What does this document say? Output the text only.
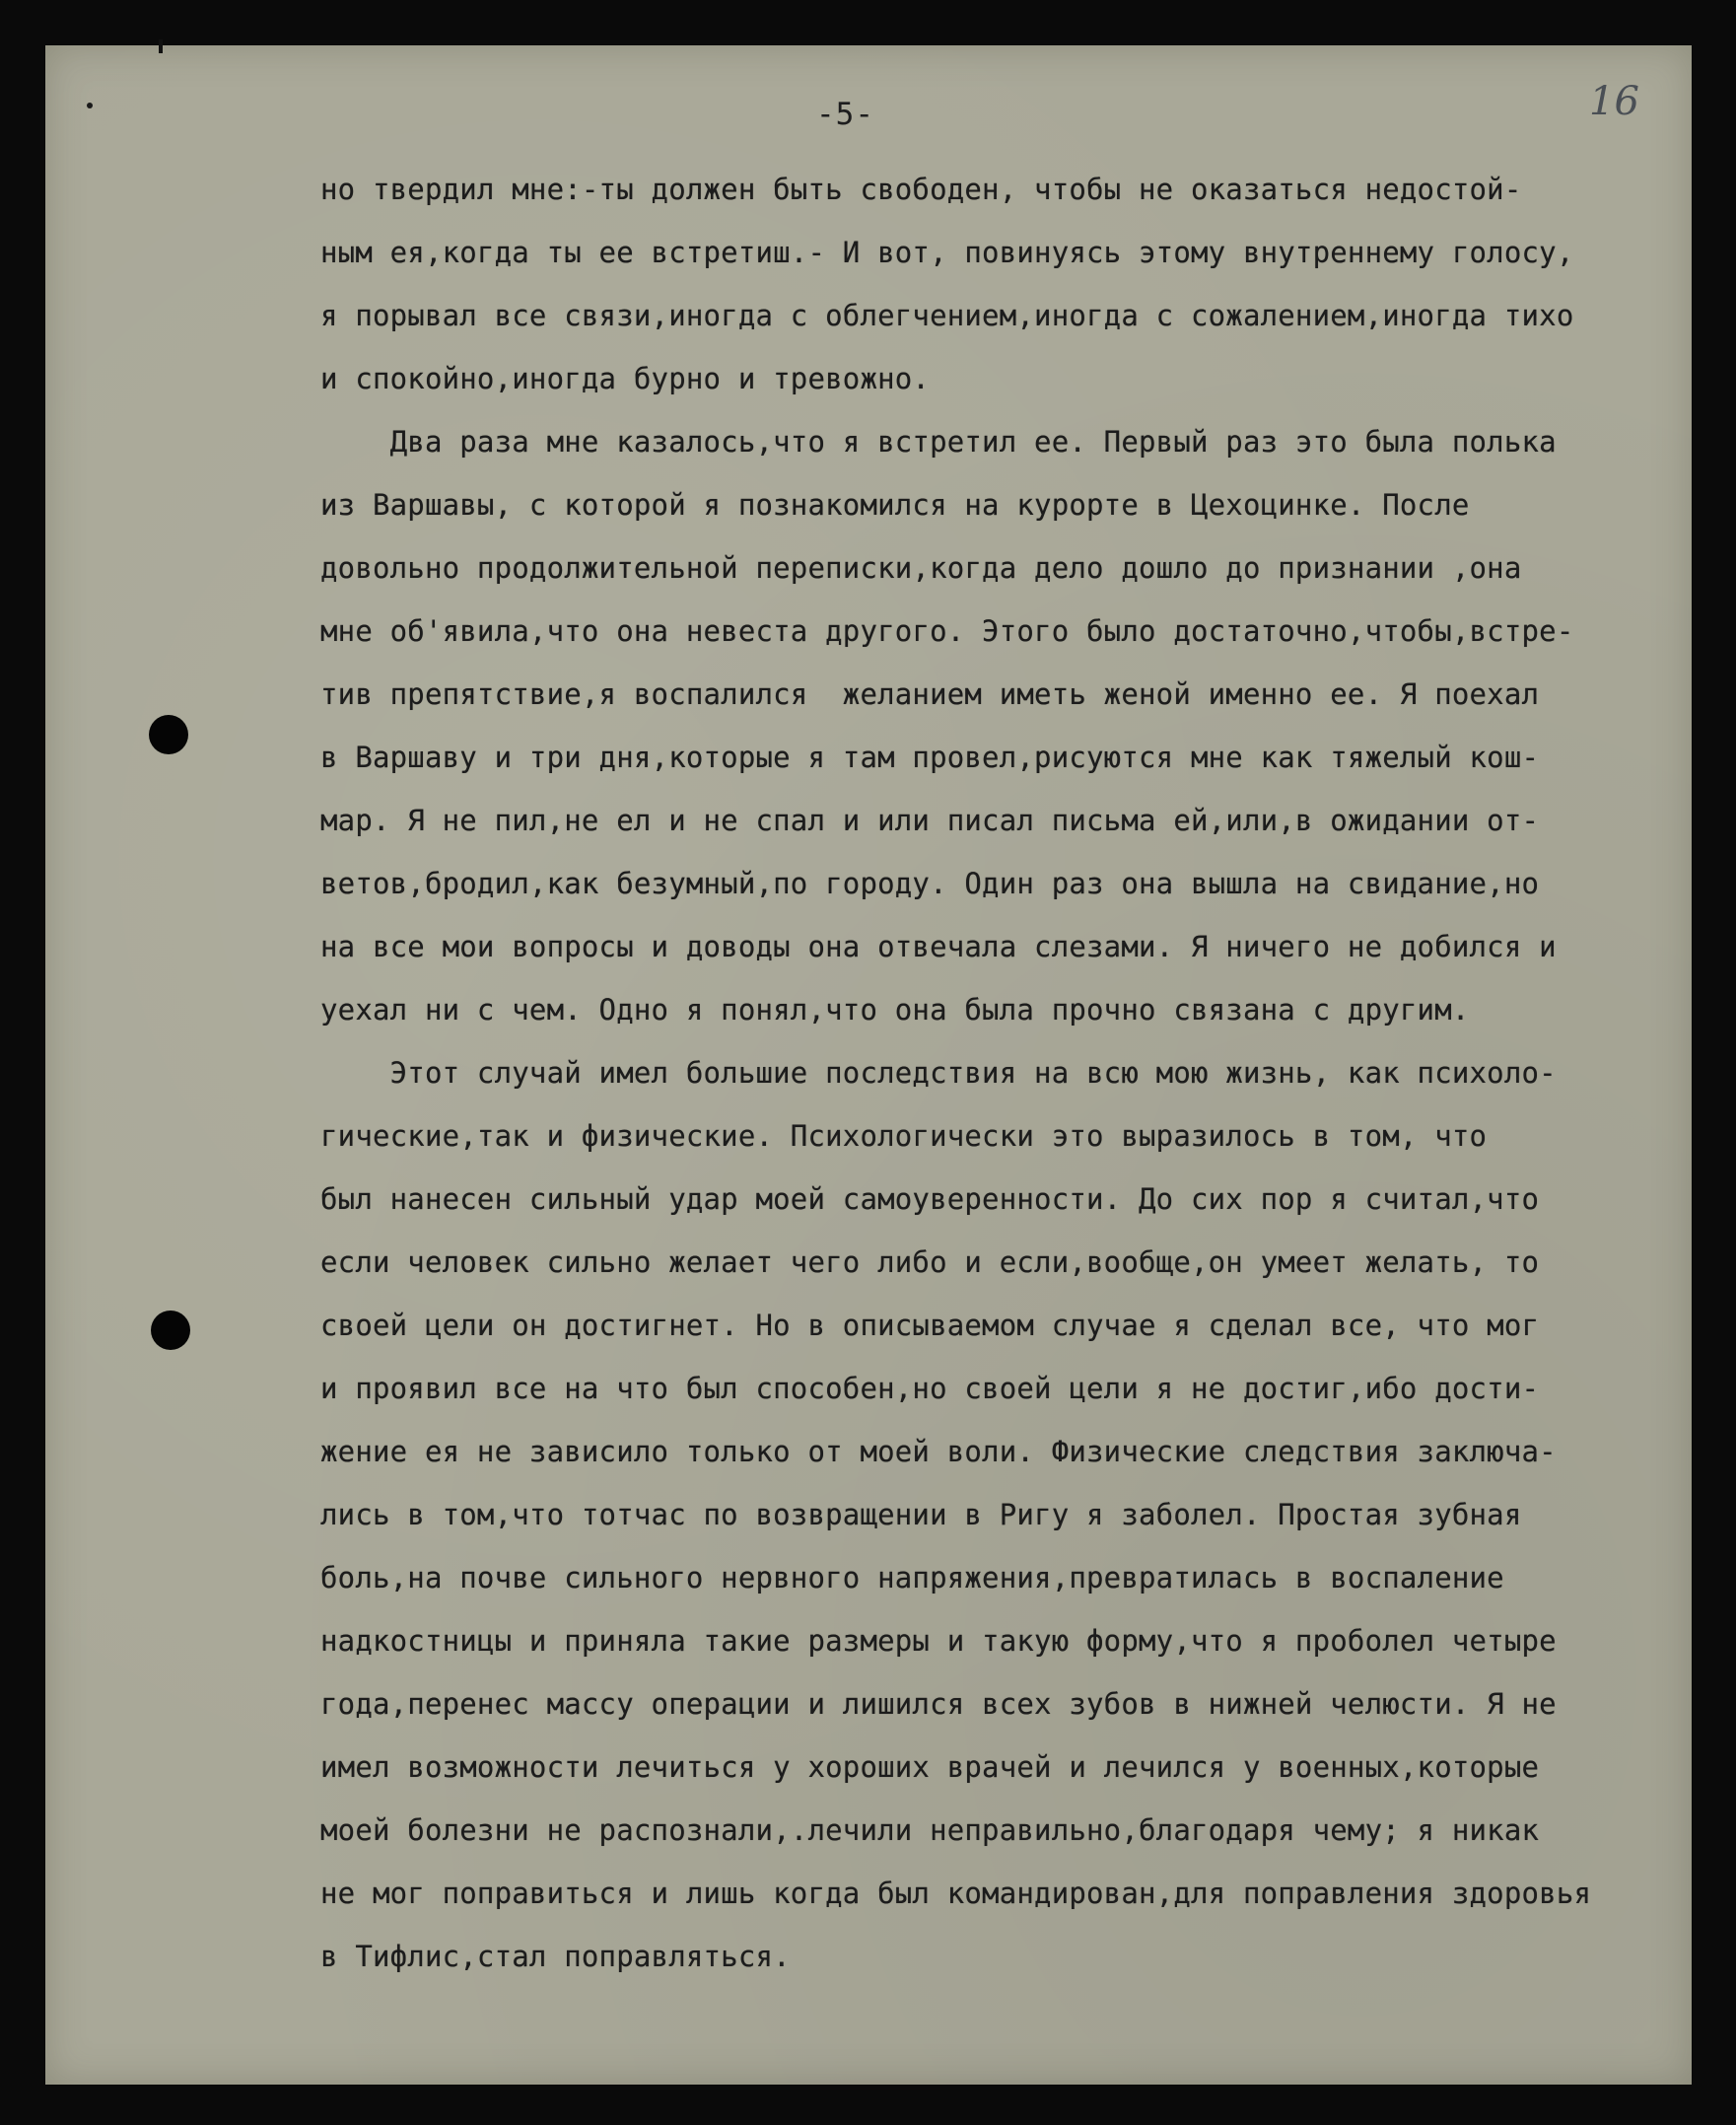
-5-	16
но твердил мне:-ты должен быть свободен, чтобы не оказаться недостой-
ным ея,когда ты ее встретиш.- И вот, повинуясь этому внутреннему голосу,
я порывал все связи,иногда с облегчением,иногда с сожалением,иногда тихо
и спокойно,иногда бурно и тревожно.
Два раза мне казалось,что я встретил ее. Первый раз это была полька
из Варшавы, с которой я познакомился на курорте в Цехоцинке. После
довольно продолжительной переписки,когда дело дошло до признании ,она
мне об'явила,что она невеста другого. Этого было достаточно,чтобы,встре-
тив препятствие,я воспалился  желанием иметь женой именно ее. Я поехал
в Варшаву и три дня,которые я там провел,рисуются мне как тяжелый кош-
мар. Я не пил,не ел и не спал и или писал письма ей,или,в ожидании от-
ветов,бродил,как безумный,по городу. Один раз она вышла на свидание,но
на все мои вопросы и доводы она отвечала слезами. Я ничего не добился и
уехал ни с чем. Одно я понял,что она была прочно связана с другим.
Этот случай имел большие последствия на всю мою жизнь, как психоло-
гические,так и физические. Психологически это выразилось в том, что
был нанесен сильный удар моей самоуверенности. До сих пор я считал,что
если человек сильно желает чего либо и если,вообще,он умеет желать, то
своей цели он достигнет. Но в описываемом случае я сделал все, что мог
и проявил все на что был способен,но своей цели я не достиг,ибо дости-
жение ея не зависило только от моей воли. Физические следствия заключа-
лись в том,что тотчас по возвращении в Ригу я заболел. Простая зубная
боль,на почве сильного нервного напряжения,превратилась в воспаление
надкостницы и приняла такие размеры и такую форму,что я проболел четыре
года,перенес массу операции и лишился всех зубов в нижней челюсти. Я не
имел возможности лечиться у хороших врачей и лечился у военных,которые
моей болезни не распознали,.лечили неправильно,благодаря чему; я никак
не мог поправиться и лишь когда был командирован,для поправления здоровья
в Тифлис,стал поправляться.
